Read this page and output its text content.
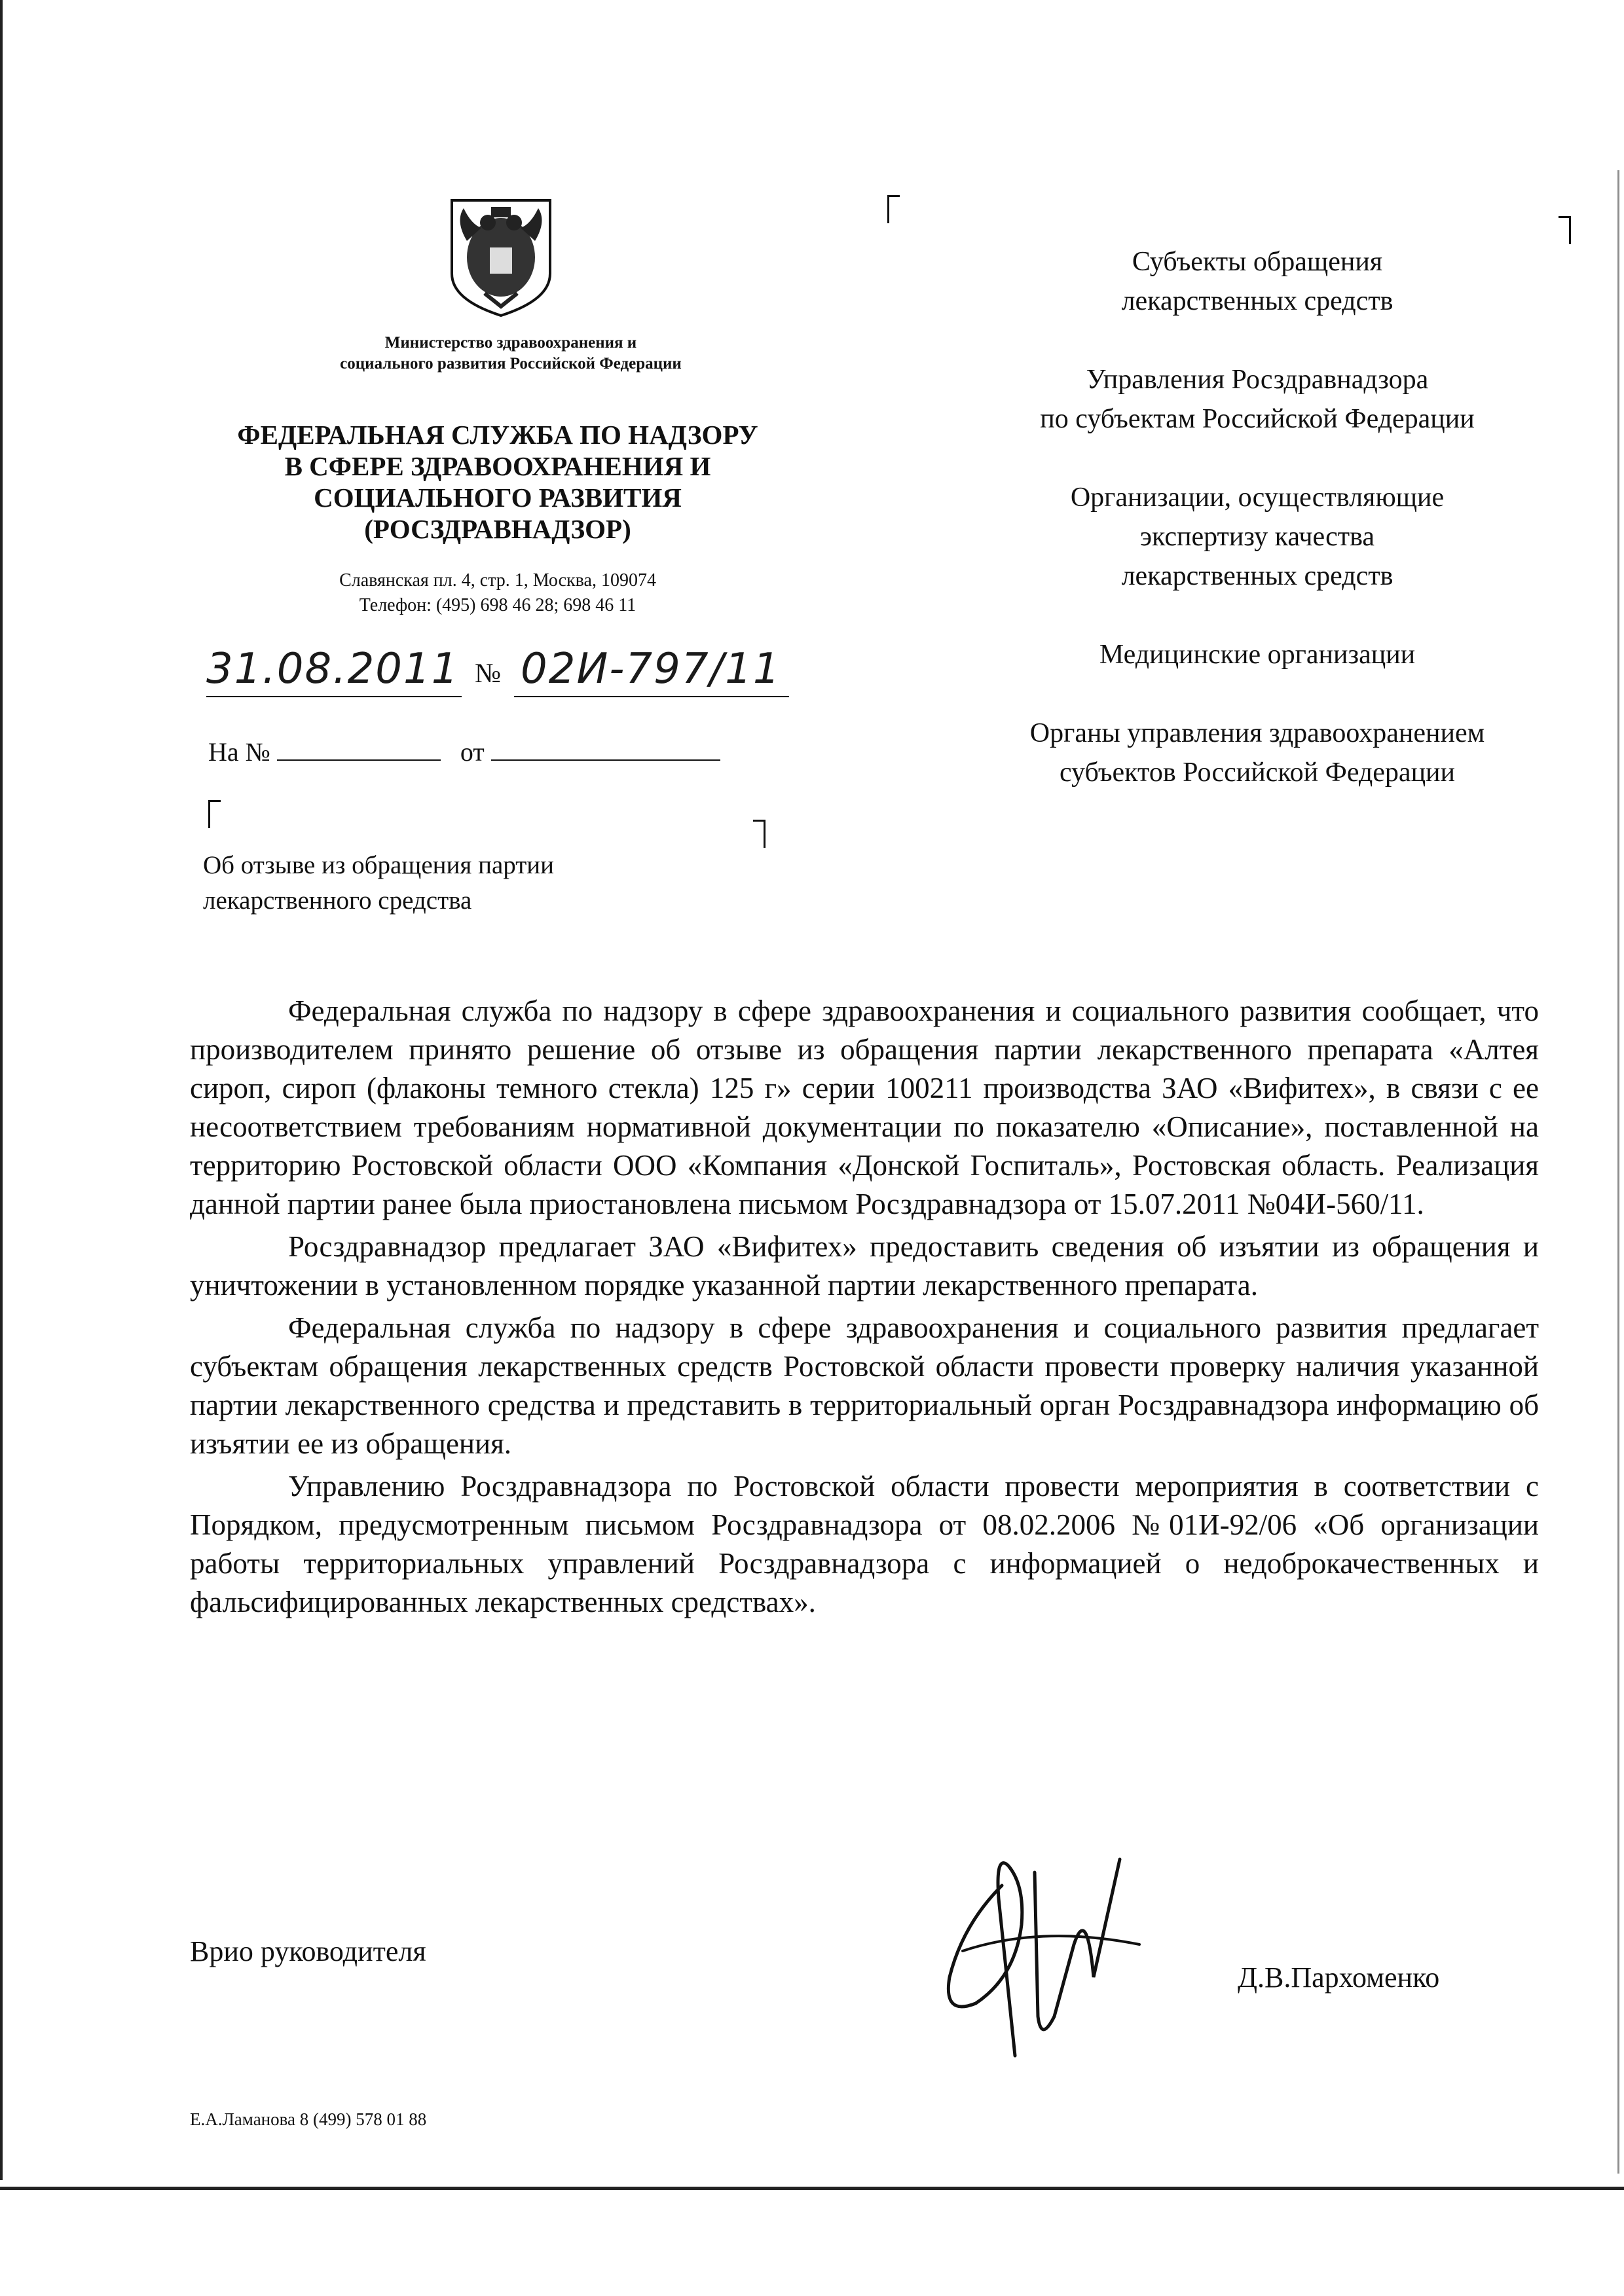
Министерство здравоохранения и
социального развития Российской Федерации
ФЕДЕРАЛЬНАЯ СЛУЖБА ПО НАДЗОРУ
В СФЕРЕ ЗДРАВООХРАНЕНИЯ И
СОЦИАЛЬНОГО РАЗВИТИЯ
(РОСЗДРАВНАДЗОР)
Славянская пл. 4, стр. 1, Москва, 109074
Телефон: (495) 698 46 28; 698 46 11
31.08.2011 № 02И-797/11
На №	от
Об отзыве из обращения партии
лекарственного средства
Субъекты обращения
лекарственных средств
Управления Росздравнадзора
по субъектам Российской Федерации
Организации, осуществляющие
экспертизу качества
лекарственных средств
Медицинские организации
Органы управления здравоохранением
субъектов Российской Федерации

Федеральная служба по надзору в сфере здравоохранения и социального развития сообщает, что производителем принято решение об отзыве из обращения партии лекарственного препарата «Алтея сироп, сироп (флаконы темного стекла) 125 г» серии 100211 производства ЗАО «Вифитех», в связи с ее несоответствием требованиям нормативной документации по показателю «Описание», поставленной на территорию Ростовской области ООО «Компания «Донской Госпиталь», Ростовская область. Реализация данной партии ранее была приостановлена письмом Росздравнадзора от 15.07.2011 №04И-560/11.

Росздравнадзор предлагает ЗАО «Вифитех» предоставить сведения об изъятии из обращения и уничтожении в установленном порядке указанной партии лекарственного препарата.

Федеральная служба по надзору в сфере здравоохранения и социального развития предлагает субъектам обращения лекарственных средств Ростовской области провести проверку наличия указанной партии лекарственного средства и представить в территориальный орган Росздравнадзора информацию об изъятии ее из обращения.

Управлению Росздравнадзора по Ростовской области провести мероприятия в соответствии с Порядком, предусмотренным письмом Росздравнадзора от 08.02.2006 №01И-92/06 «Об организации работы территориальных управлений Росздравнадзора с информацией о недоброкачественных и фальсифицированных лекарственных средствах».

Врио руководителя
Д.В.Пархоменко
Е.А.Ламанова 8 (499) 578 01 88
